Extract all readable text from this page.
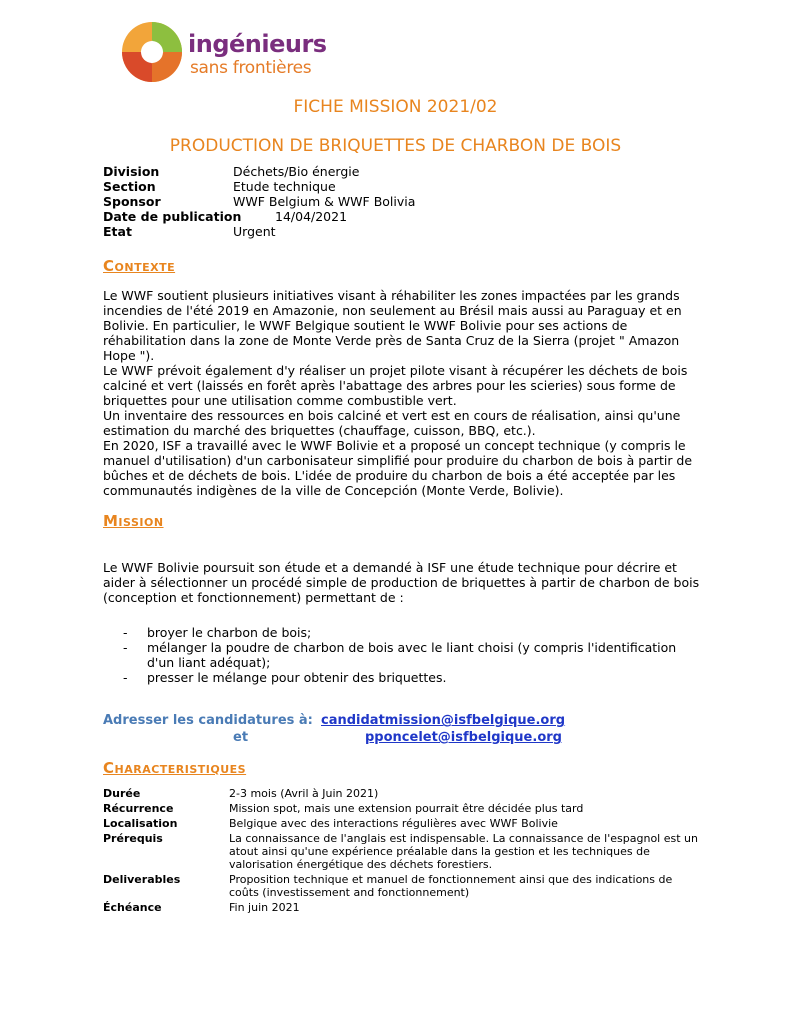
ingénieurs
sans frontières
FICHE MISSION 2021/02
PRODUCTION DE BRIQUETTES DE CHARBON DE BOIS
Division	Déchets/Bio énergie
Section	Etude technique
Sponsor	WWF Belgium & WWF Bolivia
Date de publication	14/04/2021
Etat	Urgent
Contexte

Le WWF soutient plusieurs initiatives visant à réhabiliter les zones impactées par les grands incendies de l'été 2019 en Amazonie, non seulement au Brésil mais aussi au Paraguay et en Bolivie. En particulier, le WWF Belgique soutient le WWF Bolivie pour ses actions de réhabilitation dans la zone de Monte Verde près de Santa Cruz de la Sierra (projet " Amazon Hope ").

Le WWF prévoit également d'y réaliser un projet pilote visant à récupérer les déchets de bois calciné et vert (laissés en forêt après l'abattage des arbres pour les scieries) sous forme de briquettes pour une utilisation comme combustible vert.

Un inventaire des ressources en bois calciné et vert est en cours de réalisation, ainsi qu'une estimation du marché des briquettes (chauffage, cuisson, BBQ, etc.).

En 2020, ISF a travaillé avec le WWF Bolivie et a proposé un concept technique (y compris le manuel d'utilisation) d'un carbonisateur simplifié pour produire du charbon de bois à partir de bûches et de déchets de bois. L'idée de produire du charbon de bois a été acceptée par les communautés indigènes de la ville de Concepción (Monte Verde, Bolivie).

Mission
Le WWF Bolivie poursuit son étude et a demandé à ISF une étude technique pour décrire et aider à sélectionner un procédé simple de production de briquettes à partir de charbon de bois (conception et fonctionnement) permettant de :
- broyer le charbon de bois;
- mélanger la poudre de charbon de bois avec le liant choisi (y compris l'identification d'un liant adéquat);
- presser le mélange pour obtenir des briquettes.
Adresser les candidatures à: candidatmission@isfbelgique.org
et	pponcelet@isfbelgique.org
Characteristiques
Durée	2-3 mois (Avril à Juin 2021)
Récurrence	Mission spot, mais une extension pourrait être décidée plus tard
Localisation	Belgique avec des interactions régulières avec WWF Bolivie
Prérequis	La connaissance de l'anglais est indispensable. La connaissance de l'espagnol est un atout ainsi qu'une expérience préalable dans la gestion et les techniques de valorisation énergétique des déchets forestiers.
Deliverables	Proposition technique et manuel de fonctionnement ainsi que des indications de coûts (investissement and fonctionnement)
Échéance	Fin juin 2021
